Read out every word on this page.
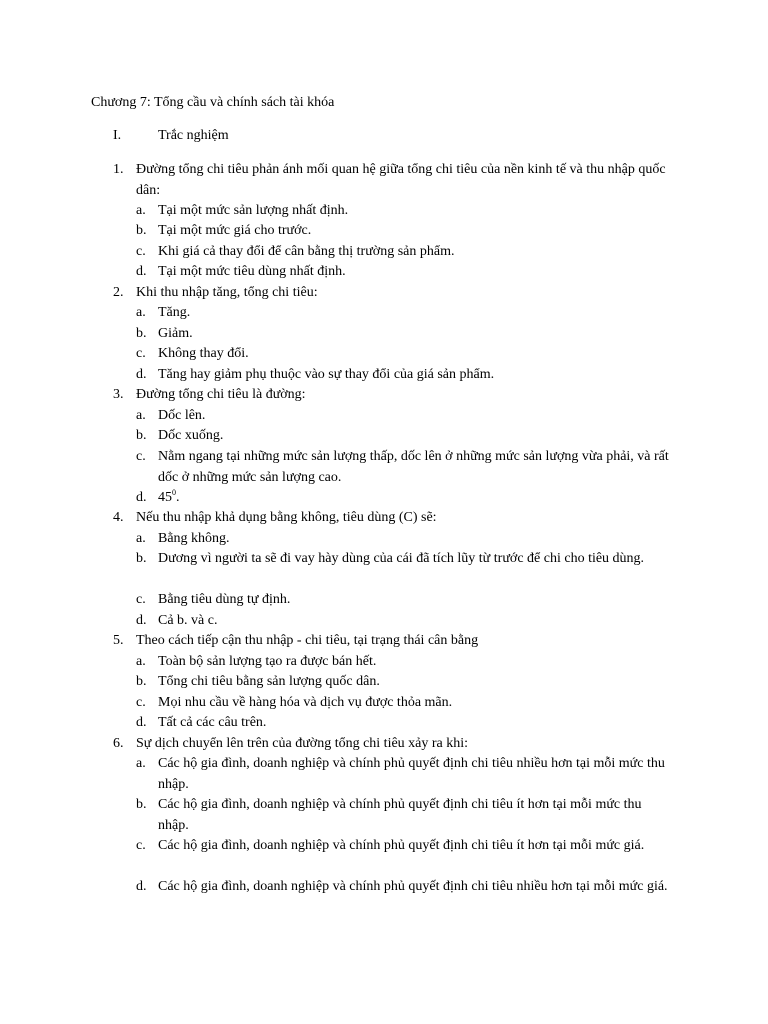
Chương 7: Tổng cầu và chính sách tài khóa
I.	Trắc nghiệm
1. Đường tổng chi tiêu phản ánh mối quan hệ giữa tổng chi tiêu của nền kinh tế và thu nhập quốc dân:
a. Tại một mức sản lượng nhất định.
b. Tại một mức giá cho trước.
c. Khi giá cả thay đổi để cân bằng thị trường sản phẩm.
d. Tại một mức tiêu dùng nhất định.
2. Khi thu nhập tăng, tổng chi tiêu:
a. Tăng.
b. Giảm.
c. Không thay đổi.
d. Tăng hay giảm phụ thuộc vào sự thay đổi của giá sản phẩm.
3. Đường tổng chi tiêu là đường:
a. Dốc lên.
b. Dốc xuống.
c. Nằm ngang tại những mức sản lượng thấp, dốc lên ở những mức sản lượng vừa phải, và rất dốc ở những mức sản lượng cao.
d. $45^0$.
4. Nếu thu nhập khả dụng bằng không, tiêu dùng (C) sẽ:
a. Bằng không.
b. Dương vì người ta sẽ đi vay hày dùng của cái đã tích lũy từ trước để chi cho tiêu dùng.
c. Bằng tiêu dùng tự định.
d. Cả b. và c.
5. Theo cách tiếp cận thu nhập - chi tiêu, tại trạng thái cân bằng
a. Toàn bộ sản lượng tạo ra được bán hết.
b. Tổng chi tiêu bằng sản lượng quốc dân.
c. Mọi nhu cầu về hàng hóa và dịch vụ được thỏa mãn.
d. Tất cả các câu trên.
6. Sự dịch chuyển lên trên của đường tổng chi tiêu xảy ra khi:
a. Các hộ gia đình, doanh nghiệp và chính phủ quyết định chi tiêu nhiều hơn tại mỗi mức thu nhập.
b. Các hộ gia đình, doanh nghiệp và chính phủ quyết định chi tiêu ít hơn tại mỗi mức thu nhập.
c. Các hộ gia đình, doanh nghiệp và chính phủ quyết định chi tiêu ít hơn tại mỗi mức giá.
d. Các hộ gia đình, doanh nghiệp và chính phủ quyết định chi tiêu nhiều hơn tại mỗi mức giá.
